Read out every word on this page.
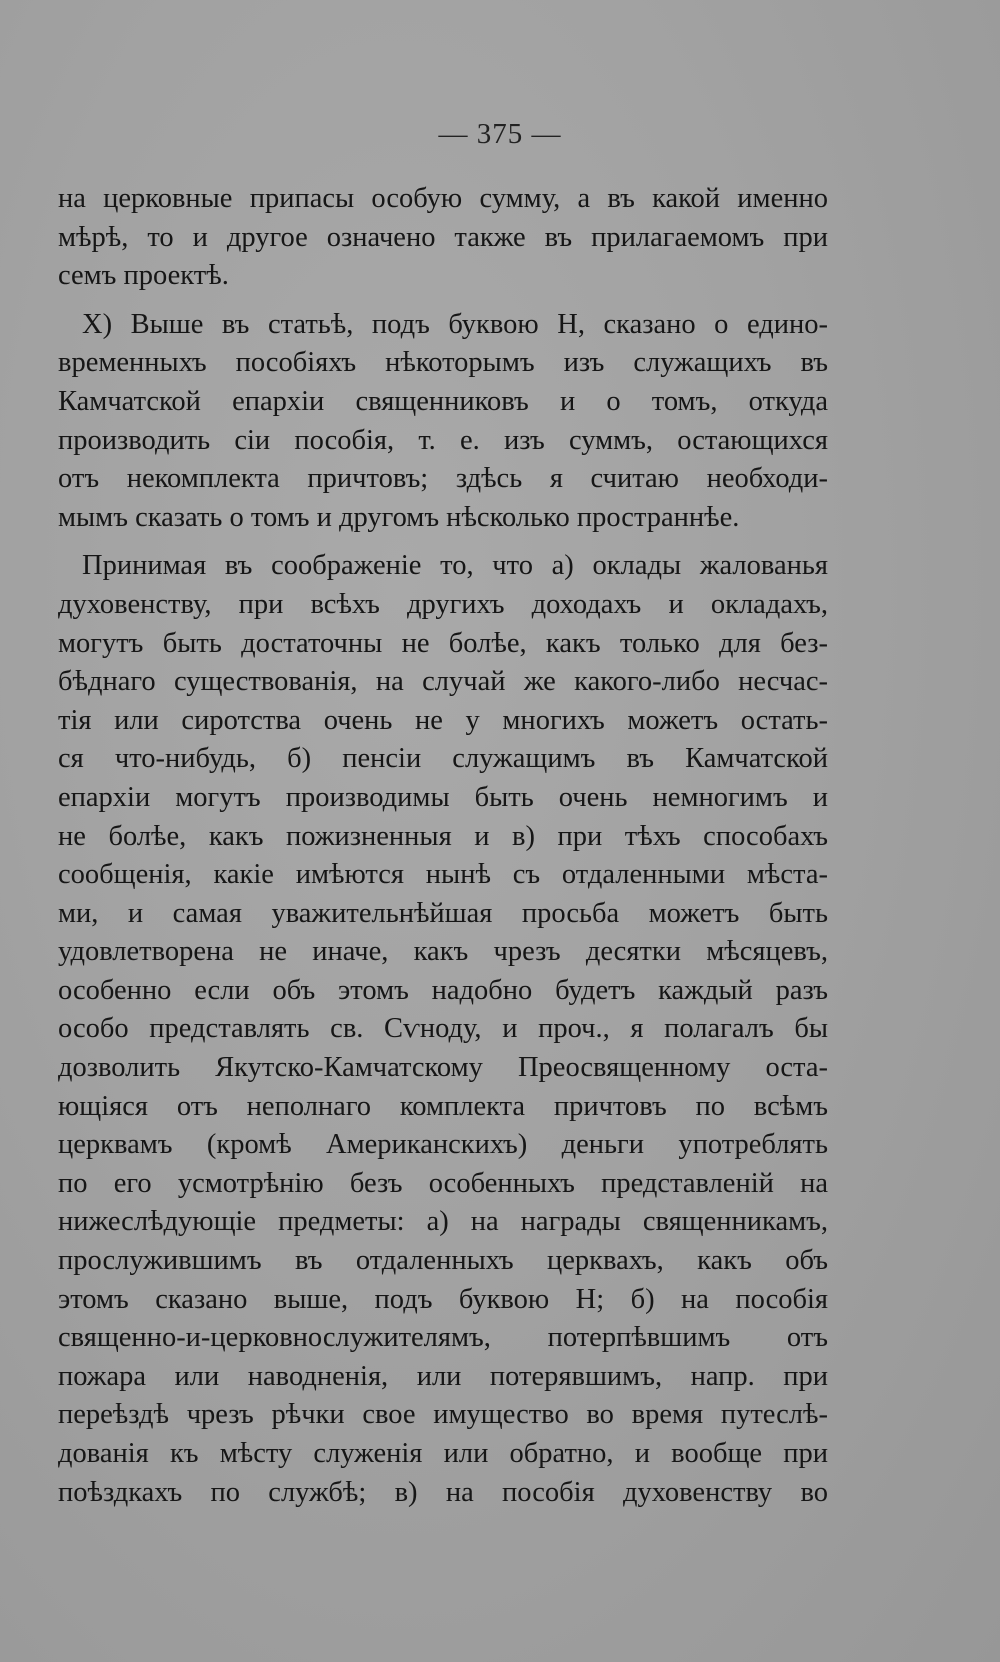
— 375 —
на церковные припасы особую сумму, а въ какой именно
мѣрѣ, то и другое означено также въ прилагаемомъ при
семъ проектѣ.
X) Выше въ статьѣ, подъ буквою Н, сказано о едино-
временныхъ пособіяхъ нѣкоторымъ изъ служащихъ въ
Камчатской епархіи священниковъ и о томъ, откуда
производить сіи пособія, т. е. изъ суммъ, остающихся
отъ некомплекта причтовъ; здѣсь я считаю необходи-
мымъ сказать о томъ и другомъ нѣсколько пространнѣе.
Принимая въ соображеніе то, что а) оклады жалованья
духовенству, при всѣхъ другихъ доходахъ и окладахъ,
могутъ быть достаточны не болѣе, какъ только для без-
бѣднаго существованія, на случай же какого-либо несчас-
тія или сиротства очень не у многихъ можетъ остать-
ся что-нибудь, б) пенсіи служащимъ въ Камчатской
епархіи могутъ производимы быть очень немногимъ и
не болѣе, какъ пожизненныя и в) при тѣхъ способахъ
сообщенія, какіе имѣются нынѣ съ отдаленными мѣста-
ми, и самая уважительнѣйшая просьба можетъ быть
удовлетворена не иначе, какъ чрезъ десятки мѣсяцевъ,
особенно если объ этомъ надобно будетъ каждый разъ
особо представлять св. Сѵноду, и проч., я полагалъ бы
дозволить Якутско-Камчатскому Преосвященному оста-
ющіяся отъ неполнаго комплекта причтовъ по всѣмъ
церквамъ (кромѣ Американскихъ) деньги употреблять
по его усмотрѣнію безъ особенныхъ представленій на
нижеслѣдующіе предметы: а) на награды священникамъ,
прослужившимъ въ отдаленныхъ церквахъ, какъ объ
этомъ сказано выше, подъ буквою Н; б) на пособія
священно-и-церковнослужителямъ, потерпѣвшимъ отъ
пожара или наводненія, или потерявшимъ, напр. при
переѣздѣ чрезъ рѣчки свое имущество во время путеслѣ-
дованія къ мѣсту служенія или обратно, и вообще при
поѣздкахъ по службѣ; в) на пособія духовенству во
